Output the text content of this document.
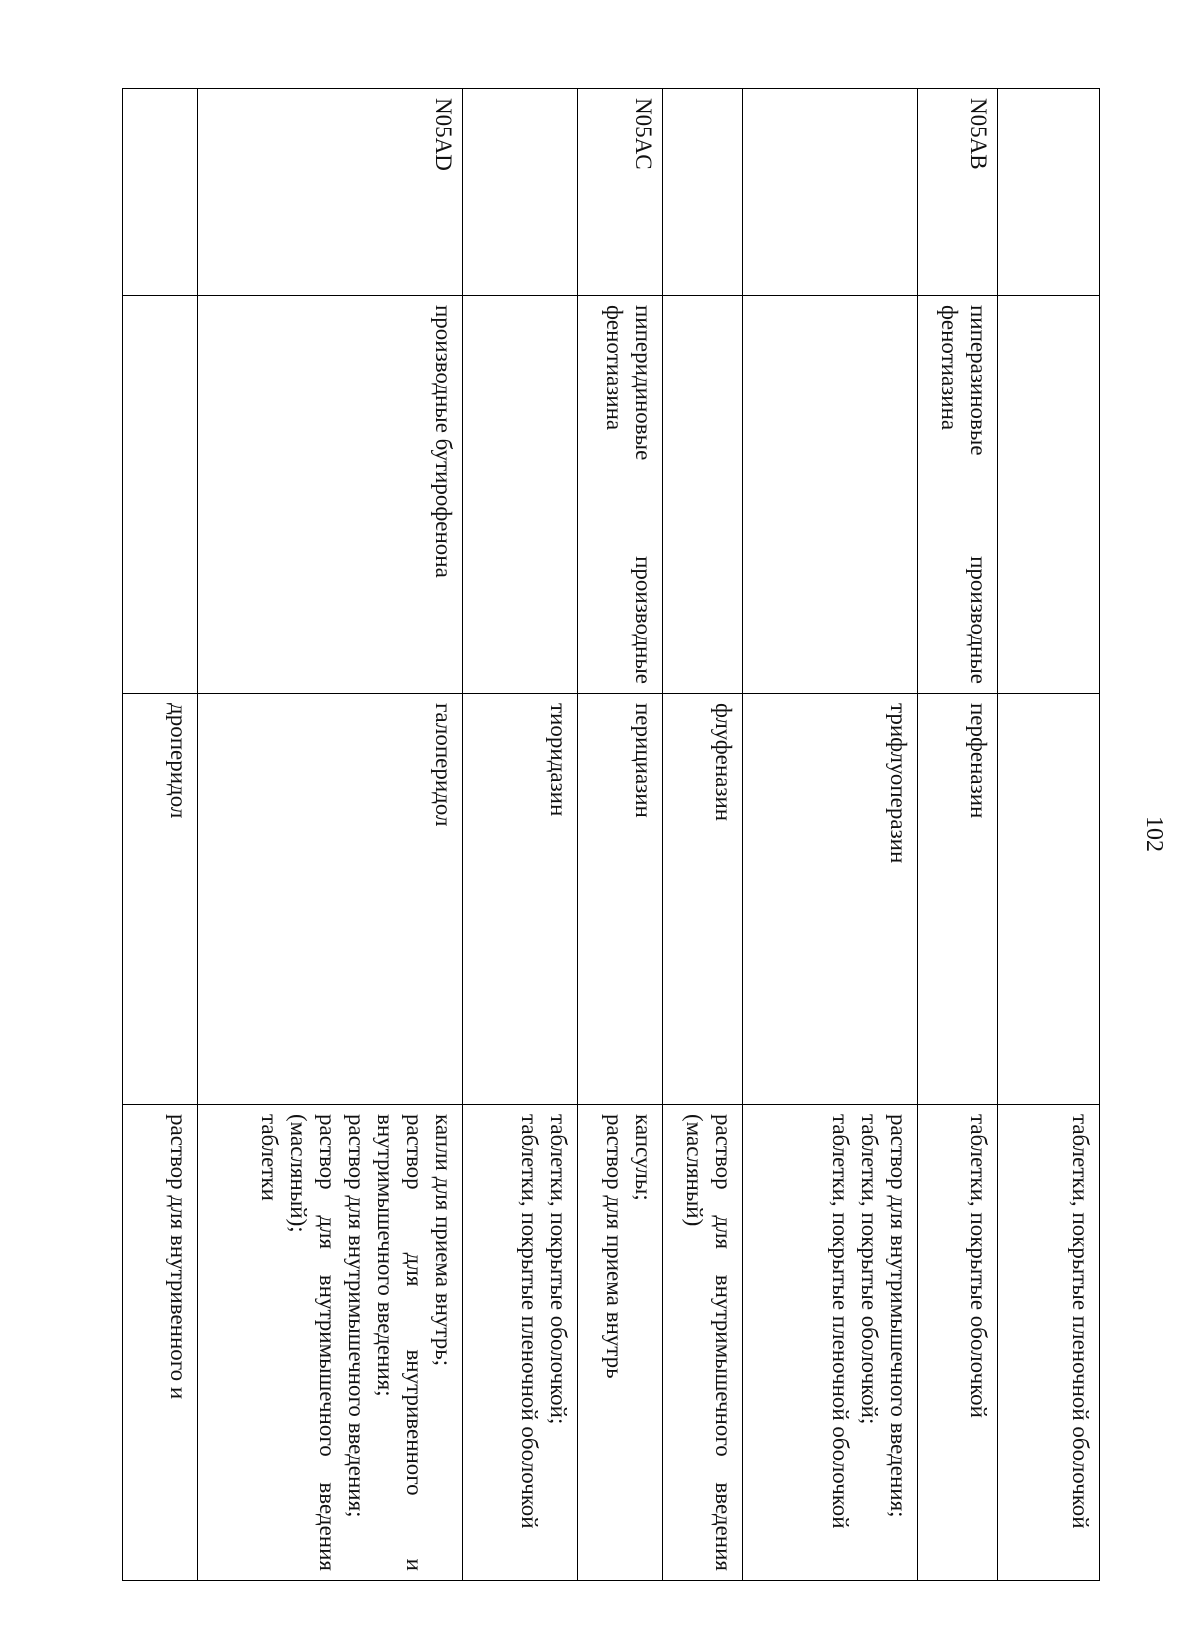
102
			таблетки, покрытые пленочной оболочкой
N05AB	пиперазиновые производные фенотиазина	перфеназин	таблетки, покрытые оболочкой
		трифлуоперазин	раствор для внутримышечного введения;
таблетки, покрытые оболочкой;
таблетки, покрытые пленочной оболочкой
		флуфеназин	раствор для внутримышечного введения (масляный)
N05AC	пиперидиновые производные фенотиазина	перициазин	капсулы;
раствор для приема внутрь
		тиоридазин	таблетки, покрытые оболочкой;
таблетки, покрытые пленочной оболочкой
N05AD	производные бутирофенона	галоперидол	капли для приема внутрь;
раствор для внутривенного и внутримышечного введения;
раствор для внутримышечного введения;
раствор для внутримышечного введения (масляный);
таблетки
		дроперидол	раствор для внутривенного и
